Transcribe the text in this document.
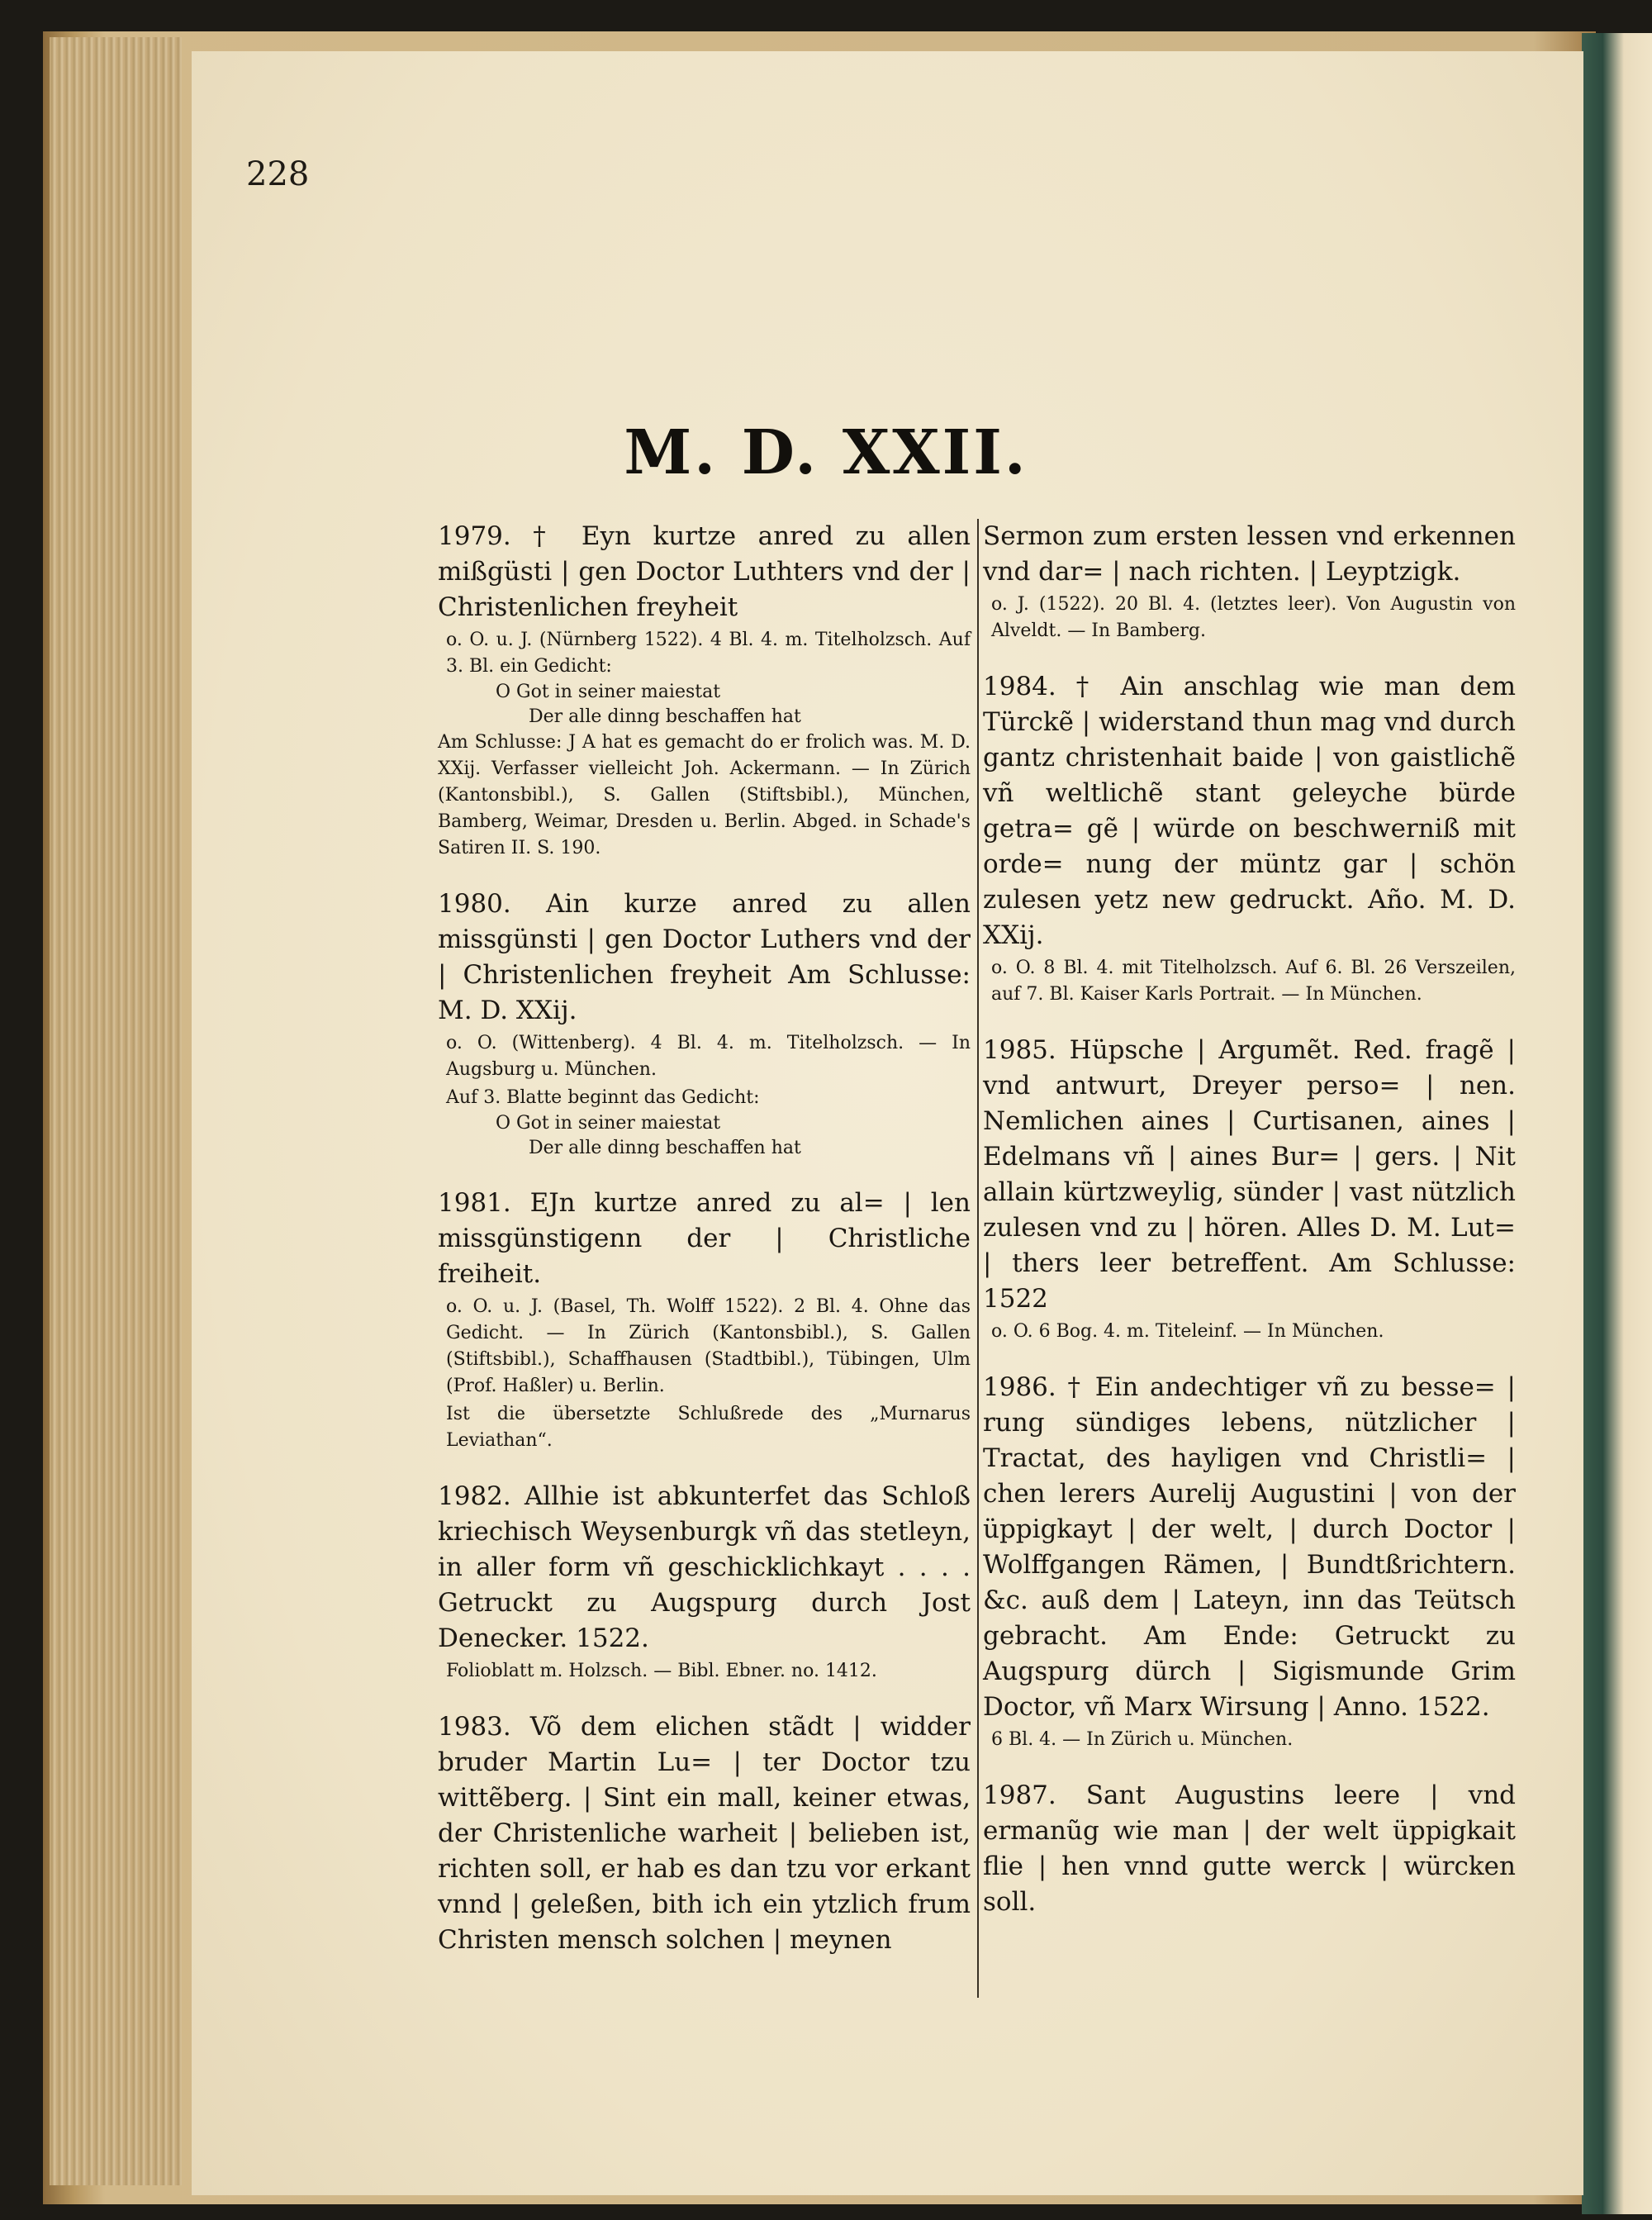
228
M. D. XXII.

1979. † Eyn kurtze anred zu allen mißgüsti | gen Doctor Luthters vnd der | Christenlichen freyheit

o. O. u. J. (Nürnberg 1522). 4 Bl. 4. m. Titelholzsch. Auf 3. Bl. ein Gedicht:

O Got in seiner maiestat

Der alle dinng beschaffen hat

Am Schlusse: J A hat es gemacht do er frolich was. M. D. XXij. Verfasser vielleicht Joh. Ackermann. — In Zürich (Kantonsbibl.), S. Gallen (Stiftsbibl.), München, Bamberg, Weimar, Dresden u. Berlin. Abged. in Schade's Satiren II. S. 190.

1980. Ain kurze anred zu allen missgünsti | gen Doctor Luthers vnd der | Christenlichen freyheit Am Schlusse: M. D. XXij.

o. O. (Wittenberg). 4 Bl. 4. m. Titelholzsch. — In Augsburg u. München.

Auf 3. Blatte beginnt das Gedicht:

O Got in seiner maiestat

Der alle dinng beschaffen hat

1981. EJn kurtze anred zu al= | len missgünstigenn der | Christliche freiheit.

o. O. u. J. (Basel, Th. Wolff 1522). 2 Bl. 4. Ohne das Gedicht. — In Zürich (Kantonsbibl.), S. Gallen (Stiftsbibl.), Schaffhausen (Stadtbibl.), Tübingen, Ulm (Prof. Haßler) u. Berlin.

Ist die übersetzte Schlußrede des „Murnarus Leviathan“.

1982. Allhie ist abkunterfet das Schloß kriechisch Weysenburgk vñ das stetleyn, in aller form vñ geschicklichkayt . . . . Getruckt zu Augspurg durch Jost Denecker. 1522.

Folioblatt m. Holzsch. — Bibl. Ebner. no. 1412.

1983. Võ dem elichen stãdt | widder bruder Martin Lu= | ter Doctor tzu wittẽberg. | Sint ein mall, keiner etwas, der Christenliche warheit | belieben ist, richten soll, er hab es dan tzu vor erkant vnnd | geleßen, bith ich ein ytzlich frum Christen mensch solchen | meynen

Sermon zum ersten lessen vnd erkennen vnd dar= | nach richten. | Leyptzigk.

o. J. (1522). 20 Bl. 4. (letztes leer). Von Augustin von Alveldt. — In Bamberg.

1984. † Ain anschlag wie man dem Türckẽ | widerstand thun mag vnd durch gantz christenhait baide | von gaistlichẽ vñ weltlichẽ stant geleyche bürde getra= gẽ | würde on beschwerniß mit orde= nung der müntz gar | schön zulesen yetz new gedruckt. Año. M. D. XXij.

o. O. 8 Bl. 4. mit Titelholzsch. Auf 6. Bl. 26 Verszeilen, auf 7. Bl. Kaiser Karls Portrait. — In München.

1985. Hüpsche | Argumẽt. Red. fragẽ | vnd antwurt, Dreyer perso= | nen. Nemlichen aines | Curtisanen, aines | Edelmans vñ | aines Bur= | gers. | Nit allain kürtzweylig, sünder | vast nützlich zulesen vnd zu | hören. Alles D. M. Lut= | thers leer betreffent. Am Schlusse: 1522

o. O. 6 Bog. 4. m. Titeleinf. — In München.

1986. † Ein andechtiger vñ zu besse= | rung sündiges lebens, nützlicher | Tractat, des hayligen vnd Christli= | chen lerers Aurelij Augustini | von der üppigkayt | der welt, | durch Doctor | Wolffgangen Rämen, | Bundtßrichtern. &c. auß dem | Lateyn, inn das Teütsch gebracht. Am Ende: Getruckt zu Augspurg dürch | Sigismunde Grim Doctor, vñ Marx Wirsung | Anno. 1522.

6 Bl. 4. — In Zürich u. München.

1987. Sant Augustins leere | vnd ermanũg wie man | der welt üppigkait flie | hen vnnd gutte werck | würcken soll.
